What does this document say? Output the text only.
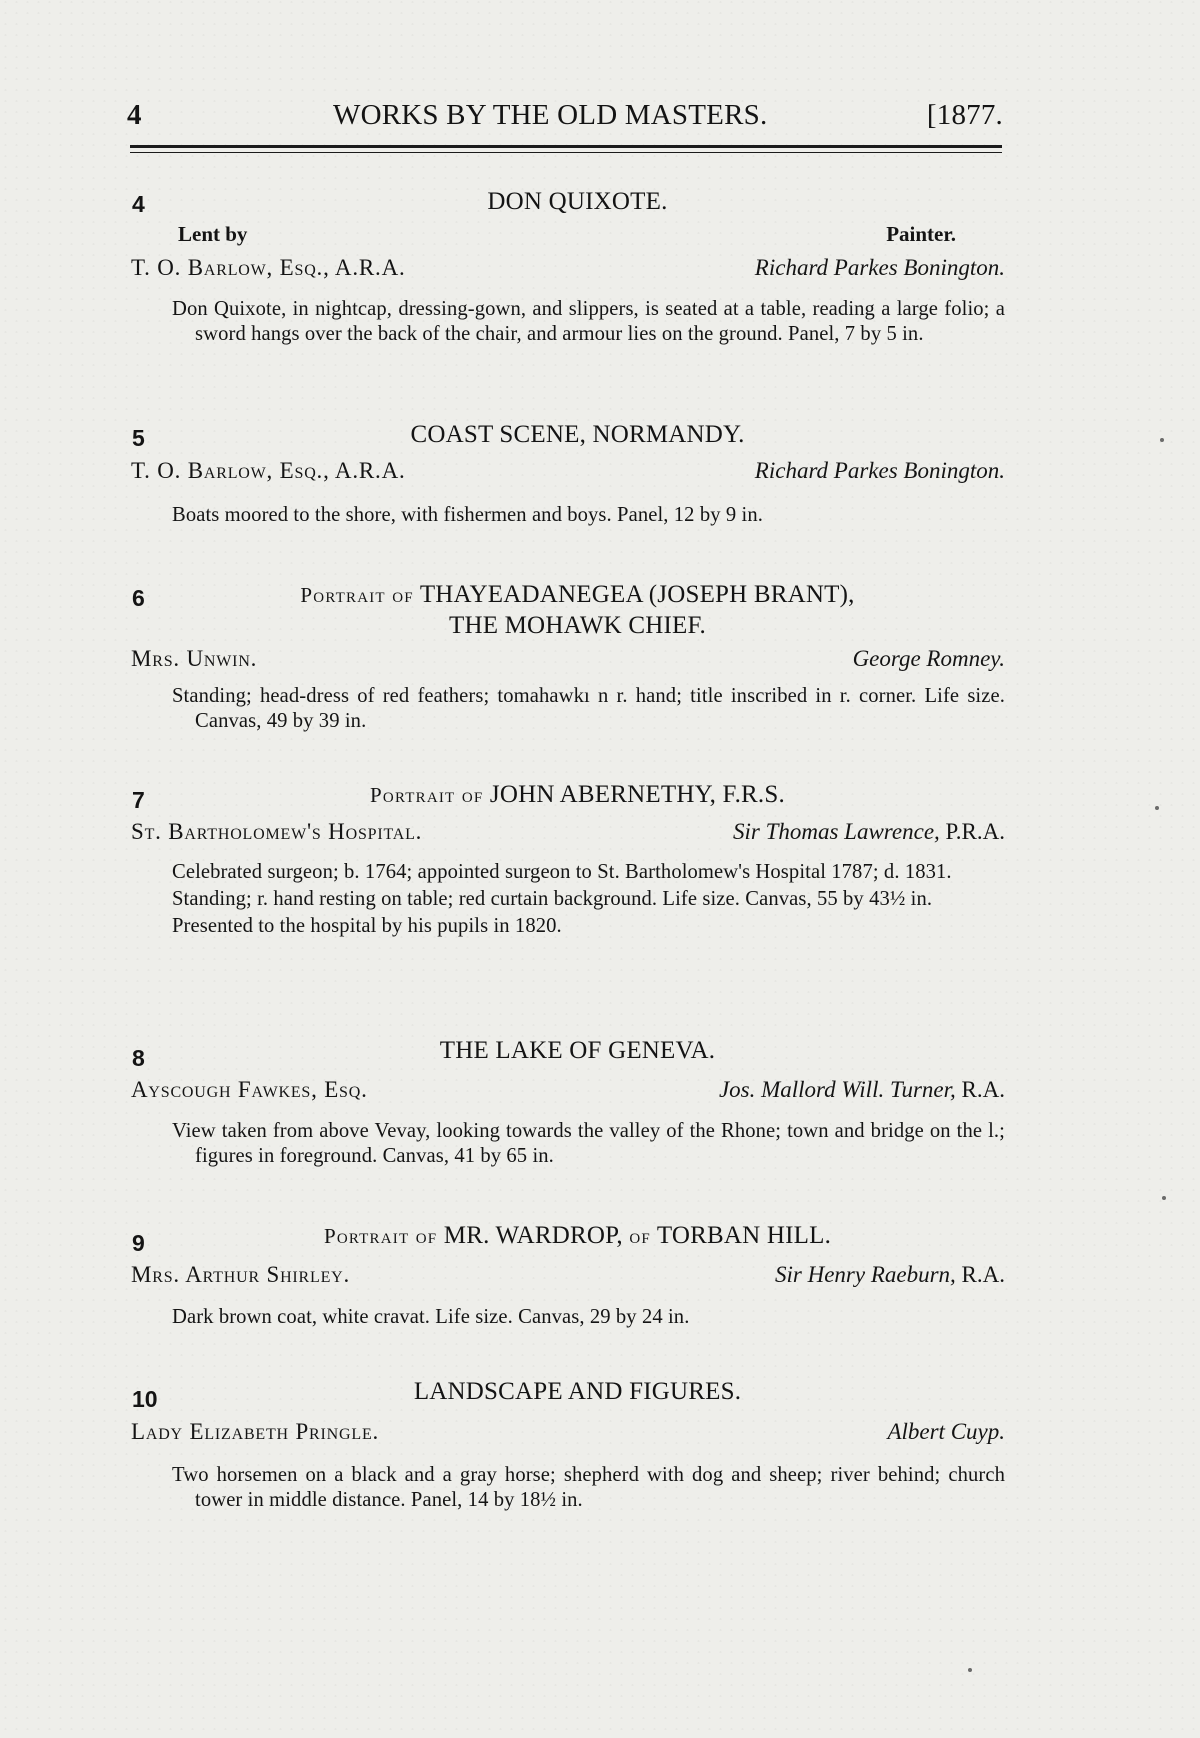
4	WORKS BY THE OLD MASTERS.	[1877.
4	DON QUIXOTE.
Lent by	Painter.
T. O. Barlow, Esq., A.R.A.	Richard Parkes Bonington.

Don Quixote, in nightcap, dressing-gown, and slippers, is seated at a table, reading a large folio; a sword hangs over the back of the chair, and armour lies on the ground. Panel, 7 by 5 in.

5	COAST SCENE, NORMANDY.
T. O. Barlow, Esq., A.R.A.	Richard Parkes Bonington.

Boats moored to the shore, with fishermen and boys. Panel, 12 by 9 in.

6	Portrait of THAYEADANEGEA (JOSEPH BRANT),
THE MOHAWK CHIEF.
Mrs. Unwin.	George Romney.

Standing; head-dress of red feathers; tomahawkı n r. hand; title inscribed in r. corner. Life size. Canvas, 49 by 39 in.

7	Portrait of JOHN ABERNETHY, F.R.S.
St. Bartholomew's Hospital.	Sir Thomas Lawrence, P.R.A.

Celebrated surgeon; b. 1764; appointed surgeon to St. Bartholomew's Hospital 1787; d. 1831.

Standing; r. hand resting on table; red curtain background. Life size. Canvas, 55 by 43½ in.

Presented to the hospital by his pupils in 1820.

8	THE LAKE OF GENEVA.
Ayscough Fawkes, Esq.	Jos. Mallord Will. Turner, R.A.

View taken from above Vevay, looking towards the valley of the Rhone; town and bridge on the l.; figures in foreground. Canvas, 41 by 65 in.

9	Portrait of MR. WARDROP, of TORBAN HILL.
Mrs. Arthur Shirley.	Sir Henry Raeburn, R.A.

Dark brown coat, white cravat. Life size. Canvas, 29 by 24 in.

10	LANDSCAPE AND FIGURES.
Lady Elizabeth Pringle.	Albert Cuyp.

Two horsemen on a black and a gray horse; shepherd with dog and sheep; river behind; church tower in middle distance. Panel, 14 by 18½ in.
